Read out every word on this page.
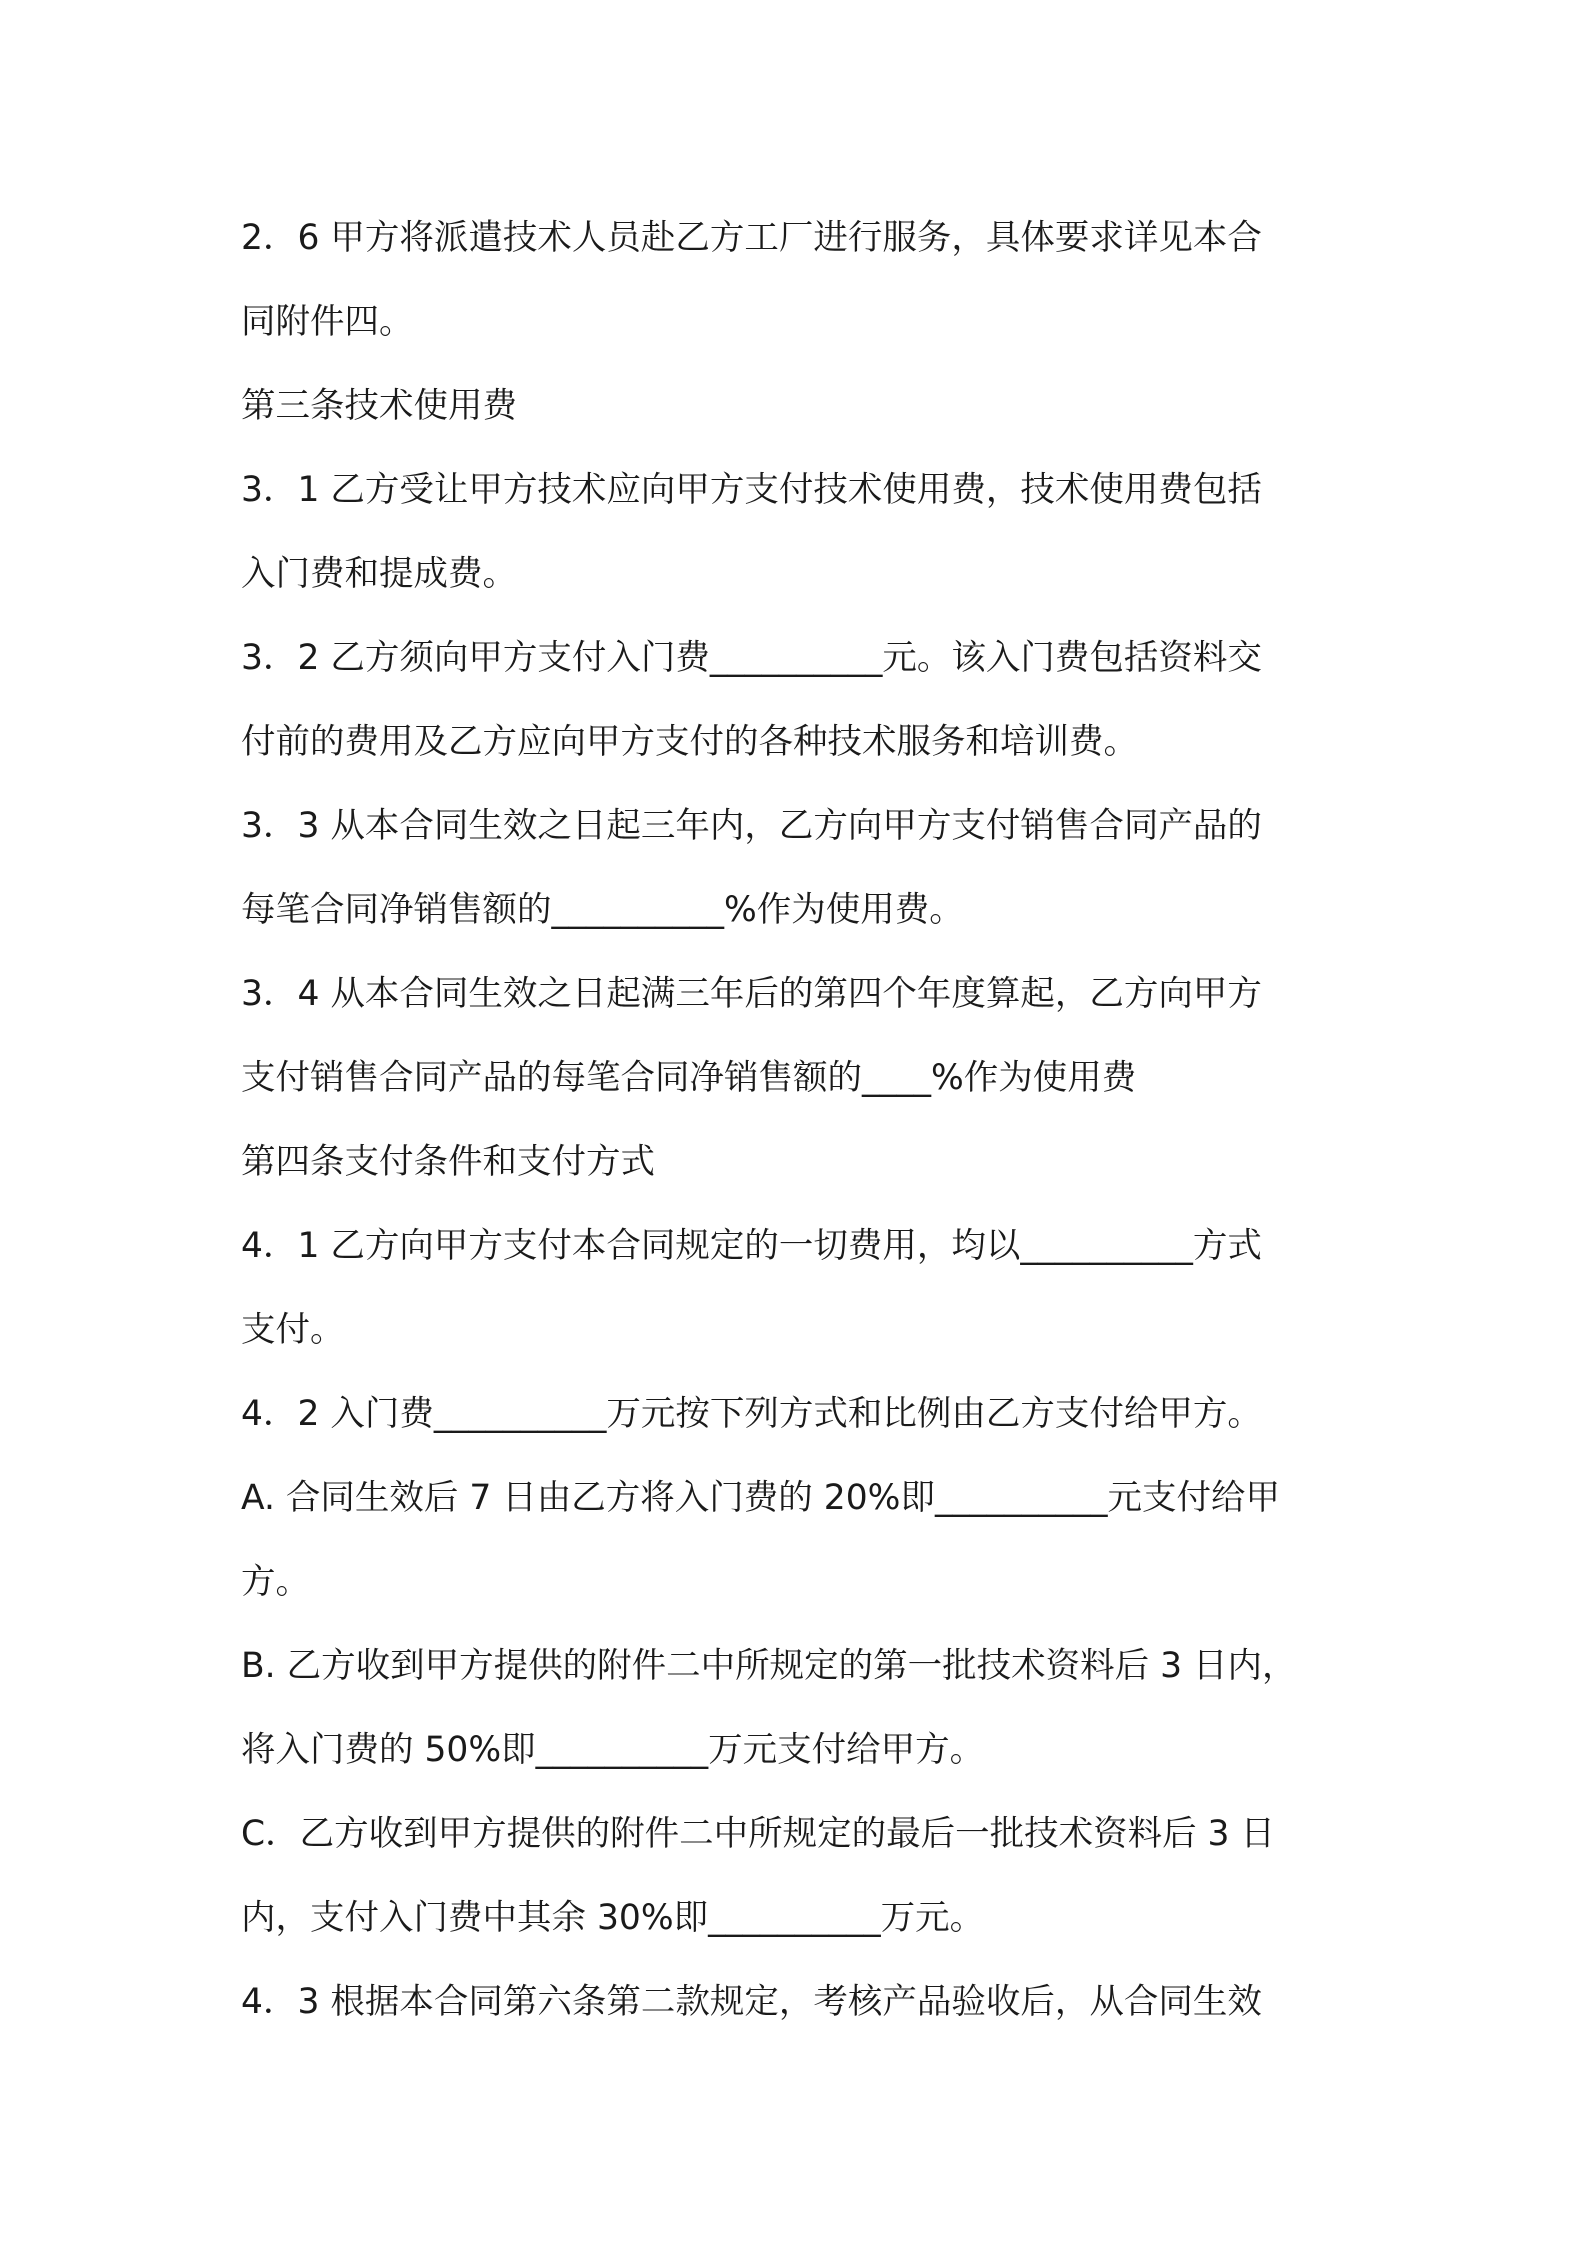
2．6 甲方将派遣技术人员赴乙方工厂进行服务，具体要求详见本合
同附件四。
第三条技术使用费
3．1 乙方受让甲方技术应向甲方支付技术使用费，技术使用费包括
入门费和提成费。
3．2 乙方须向甲方支付入门费__________元。该入门费包括资料交
付前的费用及乙方应向甲方支付的各种技术服务和培训费。
3．3 从本合同生效之日起三年内，乙方向甲方支付销售合同产品的
每笔合同净销售额的__________%作为使用费。
3．4 从本合同生效之日起满三年后的第四个年度算起，乙方向甲方
支付销售合同产品的每笔合同净销售额的____%作为使用费
第四条支付条件和支付方式
4．1 乙方向甲方支付本合同规定的一切费用，均以__________方式
支付。
4．2 入门费__________万元按下列方式和比例由乙方支付给甲方。
A. 合同生效后 7 日由乙方将入门费的 20%即__________元支付给甲
方。
B. 乙方收到甲方提供的附件二中所规定的第一批技术资料后 3 日内，
将入门费的 50%即__________万元支付给甲方。
C．乙方收到甲方提供的附件二中所规定的最后一批技术资料后 3 日
内，支付入门费中其余 30%即__________万元。
4．3 根据本合同第六条第二款规定，考核产品验收后，从合同生效
